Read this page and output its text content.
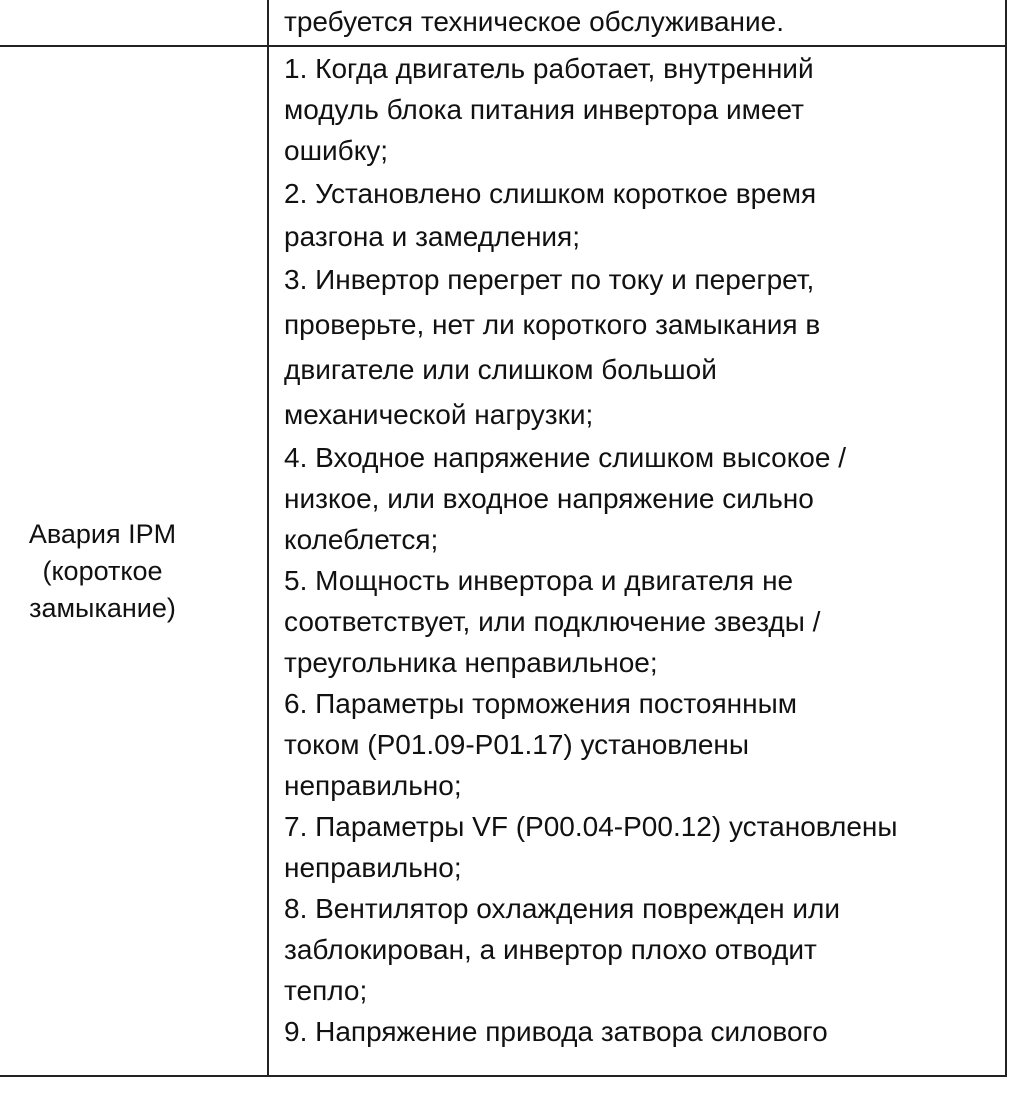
требуется техническое обслуживание.
Авария IPM
(короткое
замыкание)
1. Когда двигатель работает, внутренний
модуль блока питания инвертора имеет
ошибку;
2. Установлено слишком короткое время
разгона и замедления;
3. Инвертор перегрет по току и перегрет,
проверьте, нет ли короткого замыкания в
двигателе или слишком большой
механической нагрузки;
4. Входное напряжение слишком высокое /
низкое, или входное напряжение сильно
колеблется;
5. Мощность инвертора и двигателя не
соответствует, или подключение звезды /
треугольника неправильное;
6. Параметры торможения постоянным
током (P01.09-P01.17) установлены
неправильно;
7. Параметры VF (P00.04-P00.12) установлены
неправильно;
8. Вентилятор охлаждения поврежден или
заблокирован, а инвертор плохо отводит
тепло;
9. Напряжение привода затвора силового
